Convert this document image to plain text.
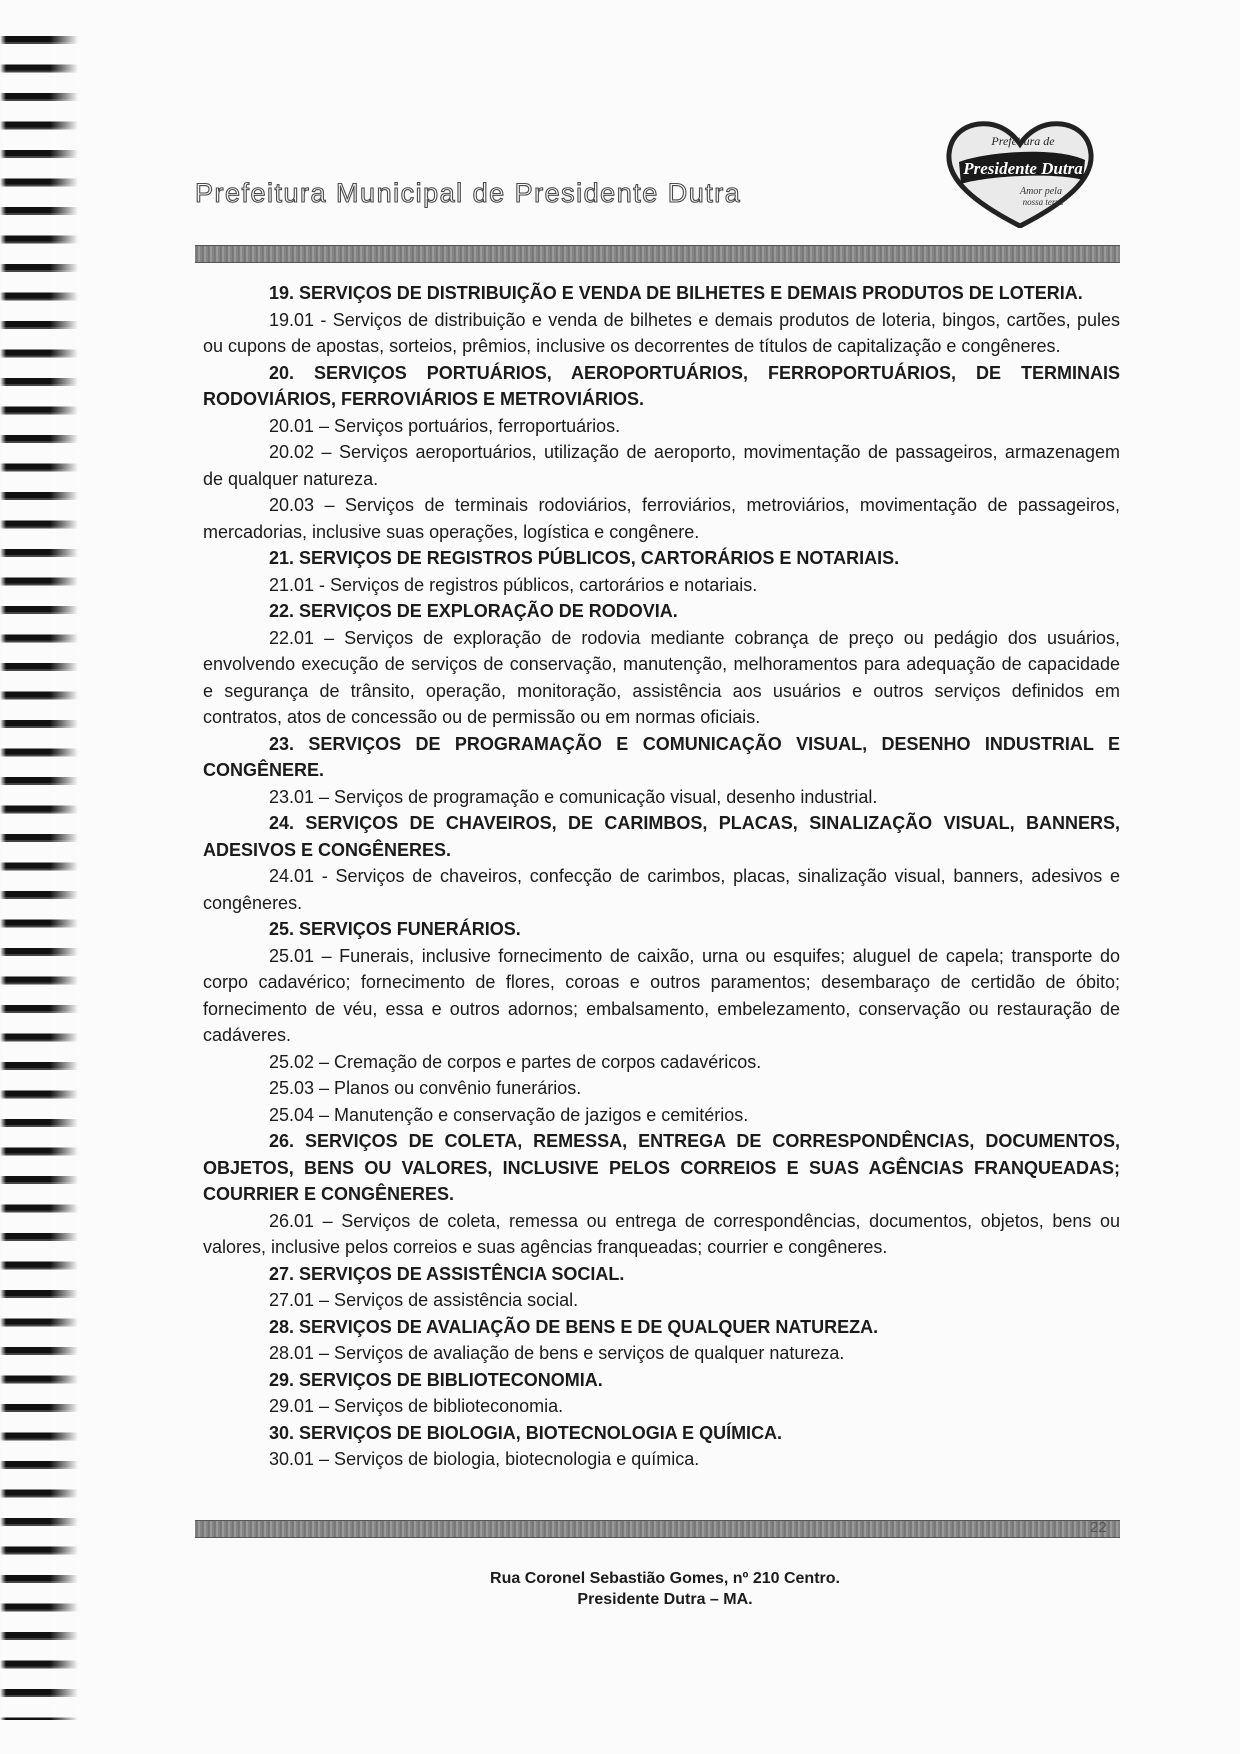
Prefeitura Municipal de Presidente Dutra
Prefeitura de
Presidente Dutra
Amor pela
nossa terra

19. SERVIÇOS DE DISTRIBUIÇÃO E VENDA DE BILHETES E DEMAIS PRODUTOS DE LOTERIA.

19.01 - Serviços de distribuição e venda de bilhetes e demais produtos de loteria, bingos, cartões, pules ou cupons de apostas, sorteios, prêmios, inclusive os decorrentes de títulos de capitalização e congêneres.

20. SERVIÇOS PORTUÁRIOS, AEROPORTUÁRIOS, FERROPORTUÁRIOS, DE TERMINAIS RODOVIÁRIOS, FERROVIÁRIOS E METROVIÁRIOS.

20.01 – Serviços portuários, ferroportuários.

20.02 – Serviços aeroportuários, utilização de aeroporto, movimentação de passageiros, armazenagem de qualquer natureza.

20.03 – Serviços de terminais rodoviários, ferroviários, metroviários, movimentação de passageiros, mercadorias, inclusive suas operações, logística e congênere.

21. SERVIÇOS DE REGISTROS PÚBLICOS, CARTORÁRIOS E NOTARIAIS.

21.01 - Serviços de registros públicos, cartorários e notariais.

22. SERVIÇOS DE EXPLORAÇÃO DE RODOVIA.

22.01 – Serviços de exploração de rodovia mediante cobrança de preço ou pedágio dos usuários, envolvendo execução de serviços de conservação, manutenção, melhoramentos para adequação de capacidade e segurança de trânsito, operação, monitoração, assistência aos usuários e outros serviços definidos em contratos, atos de concessão ou de permissão ou em normas oficiais.

23. SERVIÇOS DE PROGRAMAÇÃO E COMUNICAÇÃO VISUAL, DESENHO INDUSTRIAL E CONGÊNERE.

23.01 – Serviços de programação e comunicação visual, desenho industrial.

24. SERVIÇOS DE CHAVEIROS, DE CARIMBOS, PLACAS, SINALIZAÇÃO VISUAL, BANNERS, ADESIVOS E CONGÊNERES.

24.01 - Serviços de chaveiros, confecção de carimbos, placas, sinalização visual, banners, adesivos e congêneres.

25. SERVIÇOS FUNERÁRIOS.

25.01 – Funerais, inclusive fornecimento de caixão, urna ou esquifes; aluguel de capela; transporte do corpo cadavérico; fornecimento de flores, coroas e outros paramentos; desembaraço de certidão de óbito; fornecimento de véu, essa e outros adornos; embalsamento, embelezamento, conservação ou restauração de cadáveres.

25.02 – Cremação de corpos e partes de corpos cadavéricos.

25.03 – Planos ou convênio funerários.

25.04 – Manutenção e conservação de jazigos e cemitérios.

26. SERVIÇOS DE COLETA, REMESSA, ENTREGA DE CORRESPONDÊNCIAS, DOCUMENTOS, OBJETOS, BENS OU VALORES, INCLUSIVE PELOS CORREIOS E SUAS AGÊNCIAS FRANQUEADAS; COURRIER E CONGÊNERES.

26.01 – Serviços de coleta, remessa ou entrega de correspondências, documentos, objetos, bens ou valores, inclusive pelos correios e suas agências franqueadas; courrier e congêneres.

27. SERVIÇOS DE ASSISTÊNCIA SOCIAL.

27.01 – Serviços de assistência social.

28. SERVIÇOS DE AVALIAÇÃO DE BENS E DE QUALQUER NATUREZA.

28.01 – Serviços de avaliação de bens e serviços de qualquer natureza.

29. SERVIÇOS DE BIBLIOTECONOMIA.

29.01 – Serviços de biblioteconomia.

30. SERVIÇOS DE BIOLOGIA, BIOTECNOLOGIA E QUÍMICA.

30.01 – Serviços de biologia, biotecnologia e química.

22
Rua Coronel Sebastião Gomes, nº 210 Centro.
Presidente Dutra – MA.
